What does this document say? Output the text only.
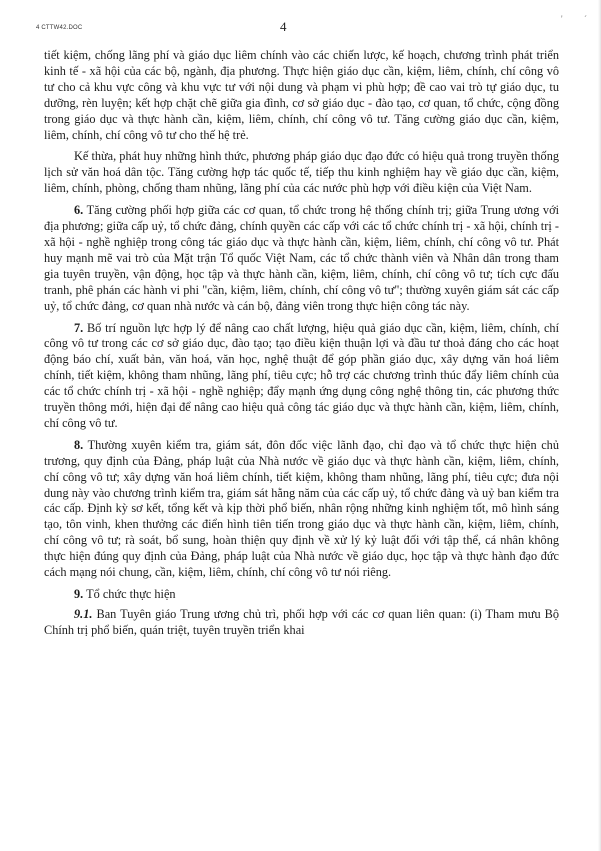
4 CTTW42.DOC	4	' ´

tiết kiệm, chống lãng phí và giáo dục liêm chính vào các chiến lược, kế hoạch, chương trình phát triển kinh tế - xã hội của các bộ, ngành, địa phương. Thực hiện giáo dục cần, kiệm, liêm, chính, chí công vô tư cho cả khu vực công và khu vực tư với nội dung và phạm vi phù hợp; đề cao vai trò tự giáo dục, tu dưỡng, rèn luyện; kết hợp chặt chẽ giữa gia đình, cơ sở giáo dục - đào tạo, cơ quan, tổ chức, cộng đồng trong giáo dục và thực hành cần, kiệm, liêm, chính, chí công vô tư. Tăng cường giáo dục cần, kiệm, liêm, chính, chí công vô tư cho thế hệ trẻ.

Kế thừa, phát huy những hình thức, phương pháp giáo dục đạo đức có hiệu quả trong truyền thống lịch sử văn hoá dân tộc. Tăng cường hợp tác quốc tế, tiếp thu kinh nghiệm hay về giáo dục cần, kiệm, liêm, chính, phòng, chống tham nhũng, lãng phí của các nước phù hợp với điều kiện của Việt Nam.

6. Tăng cường phối hợp giữa các cơ quan, tổ chức trong hệ thống chính trị; giữa Trung ương với địa phương; giữa cấp uỷ, tổ chức đảng, chính quyền các cấp với các tổ chức chính trị - xã hội, chính trị - xã hội - nghề nghiệp trong công tác giáo dục và thực hành cần, kiệm, liêm, chính, chí công vô tư. Phát huy mạnh mẽ vai trò của Mặt trận Tổ quốc Việt Nam, các tổ chức thành viên và Nhân dân trong tham gia tuyên truyền, vận động, học tập và thực hành cần, kiệm, liêm, chính, chí công vô tư; tích cực đấu tranh, phê phán các hành vi phi "cần, kiệm, liêm, chính, chí công vô tư"; thường xuyên giám sát các cấp uỷ, tổ chức đảng, cơ quan nhà nước và cán bộ, đảng viên trong thực hiện công tác này.

7. Bố trí nguồn lực hợp lý để nâng cao chất lượng, hiệu quả giáo dục cần, kiệm, liêm, chính, chí công vô tư trong các cơ sở giáo dục, đào tạo; tạo điều kiện thuận lợi và đầu tư thoả đáng cho các hoạt động báo chí, xuất bản, văn hoá, văn học, nghệ thuật để góp phần giáo dục, xây dựng văn hoá liêm chính, tiết kiệm, không tham nhũng, lãng phí, tiêu cực; hỗ trợ các chương trình thúc đẩy liêm chính của các tổ chức chính trị - xã hội - nghề nghiệp; đẩy mạnh ứng dụng công nghệ thông tin, các phương thức truyền thông mới, hiện đại để nâng cao hiệu quả công tác giáo dục và thực hành cần, kiệm, liêm, chính, chí công vô tư.

8. Thường xuyên kiểm tra, giám sát, đôn đốc việc lãnh đạo, chỉ đạo và tổ chức thực hiện chủ trương, quy định của Đảng, pháp luật của Nhà nước về giáo dục và thực hành cần, kiệm, liêm, chính, chí công vô tư; xây dựng văn hoá liêm chính, tiết kiệm, không tham nhũng, lãng phí, tiêu cực; đưa nội dung này vào chương trình kiểm tra, giám sát hằng năm của các cấp uỷ, tổ chức đảng và uỷ ban kiểm tra các cấp. Định kỳ sơ kết, tổng kết và kịp thời phổ biến, nhân rộng những kinh nghiệm tốt, mô hình sáng tạo, tôn vinh, khen thưởng các điển hình tiên tiến trong giáo dục và thực hành cần, kiệm, liêm, chính, chí công vô tư; rà soát, bổ sung, hoàn thiện quy định về xử lý kỷ luật đối với tập thể, cá nhân không thực hiện đúng quy định của Đảng, pháp luật của Nhà nước về giáo dục, học tập và thực hành đạo đức cách mạng nói chung, cần, kiệm, liêm, chính, chí công vô tư nói riêng.

9. Tổ chức thực hiện

9.1. Ban Tuyên giáo Trung ương chủ trì, phối hợp với các cơ quan liên quan: (i) Tham mưu Bộ Chính trị phổ biến, quán triệt, tuyên truyền triển khai
